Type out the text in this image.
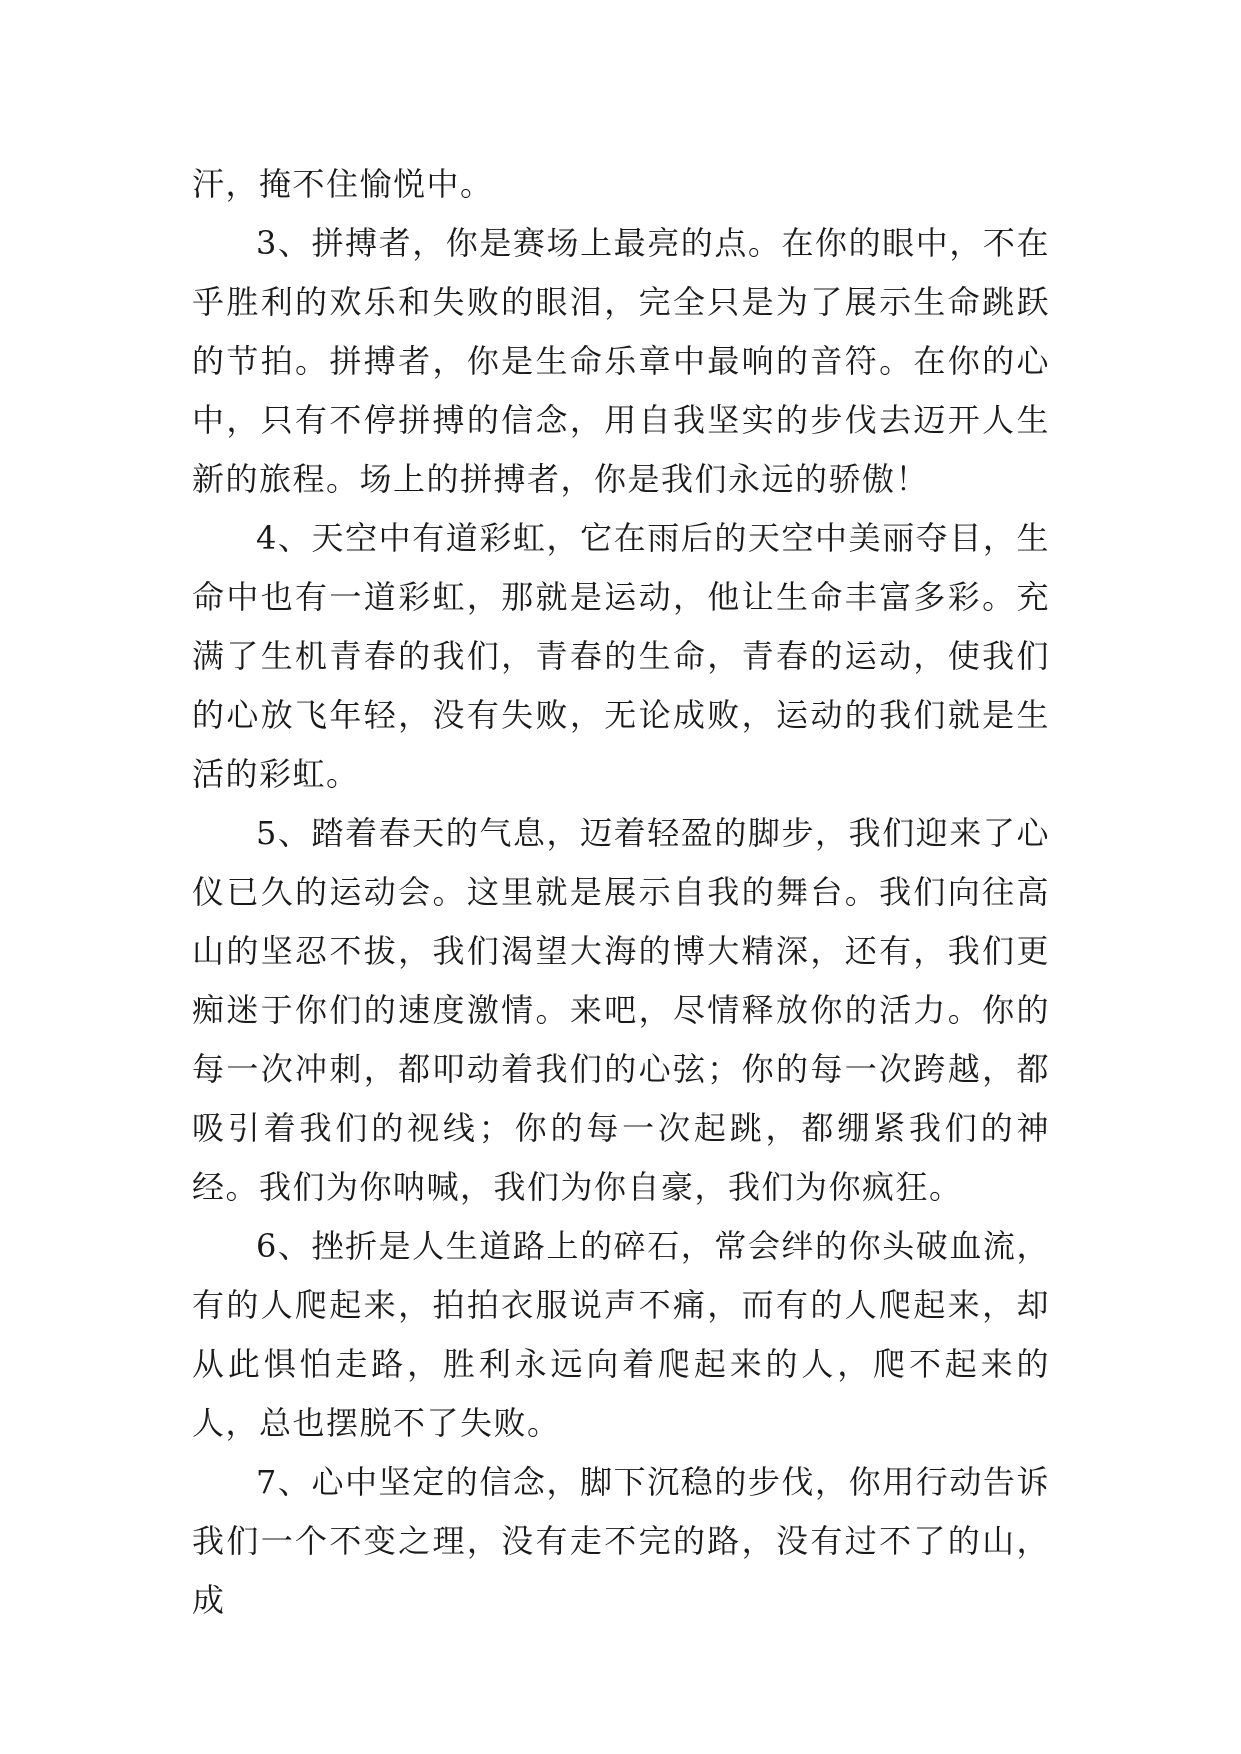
汗，掩不住愉悦中。

3、拼搏者，你是赛场上最亮的点。在你的眼中，不在乎胜利的欢乐和失败的眼泪，完全只是为了展示生命跳跃的节拍。拼搏者，你是生命乐章中最响的音符。在你的心中，只有不停拼搏的信念，用自我坚实的步伐去迈开人生新的旅程。场上的拼搏者，你是我们永远的骄傲！

4、天空中有道彩虹，它在雨后的天空中美丽夺目，生命中也有一道彩虹，那就是运动，他让生命丰富多彩。充满了生机青春的我们，青春的生命，青春的运动，使我们的心放飞年轻，没有失败，无论成败，运动的我们就是生活的彩虹。

5、踏着春天的气息，迈着轻盈的脚步，我们迎来了心仪已久的运动会。这里就是展示自我的舞台。我们向往高山的坚忍不拔，我们渴望大海的博大精深，还有，我们更痴迷于你们的速度激情。来吧，尽情释放你的活力。你的每一次冲刺，都叩动着我们的心弦；你的每一次跨越，都吸引着我们的视线；你的每一次起跳，都绷紧我们的神经。我们为你呐喊，我们为你自豪，我们为你疯狂。

6、挫折是人生道路上的碎石，常会绊的你头破血流，有的人爬起来，拍拍衣服说声不痛，而有的人爬起来，却从此惧怕走路，胜利永远向着爬起来的人，爬不起来的人，总也摆脱不了失败。

7、心中坚定的信念，脚下沉稳的步伐，你用行动告诉我们一个不变之理，没有走不完的路，没有过不了的山，成
